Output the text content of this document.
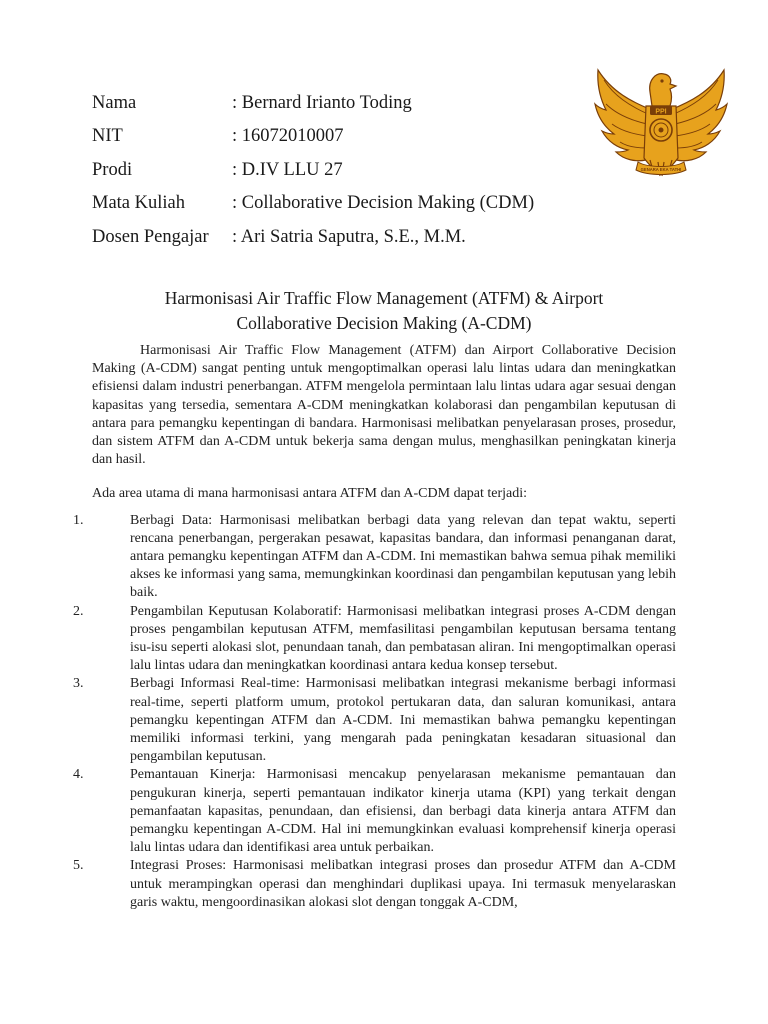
Nama	: Bernard Irianto Toding
NIT	: 16072010007
Prodi	: D.IV LLU 27
Mata Kuliah	: Collaborative Decision Making (CDM)
Dosen Pengajar	: Ari Satria Saputra, S.E., M.M.
PPI
GENARA EKA TATHI
Harmonisasi Air Traffic Flow Management (ATFM) & Airport
Collaborative Decision Making (A-CDM)

Harmonisasi Air Traffic Flow Management (ATFM) dan Airport Collaborative Decision Making (A-CDM) sangat penting untuk mengoptimalkan operasi lalu lintas udara dan meningkatkan efisiensi dalam industri penerbangan. ATFM mengelola permintaan lalu lintas udara agar sesuai dengan kapasitas yang tersedia, sementara A-CDM meningkatkan kolaborasi dan pengambilan keputusan di antara para pemangku kepentingan di bandara. Harmonisasi melibatkan penyelarasan proses, prosedur, dan sistem ATFM dan A-CDM untuk bekerja sama dengan mulus, menghasilkan peningkatan kinerja dan hasil.

Ada area utama di mana harmonisasi antara ATFM dan A-CDM dapat terjadi:

1.	Berbagi Data: Harmonisasi melibatkan berbagi data yang relevan dan tepat waktu, seperti rencana penerbangan, pergerakan pesawat, kapasitas bandara, dan informasi penanganan darat, antara pemangku kepentingan ATFM dan A-CDM. Ini memastikan bahwa semua pihak memiliki akses ke informasi yang sama, memungkinkan koordinasi dan pengambilan keputusan yang lebih baik.
2.	Pengambilan Keputusan Kolaboratif: Harmonisasi melibatkan integrasi proses A-CDM dengan proses pengambilan keputusan ATFM, memfasilitasi pengambilan keputusan bersama tentang isu-isu seperti alokasi slot, penundaan tanah, dan pembatasan aliran. Ini mengoptimalkan operasi lalu lintas udara dan meningkatkan koordinasi antara kedua konsep tersebut.
3.	Berbagi Informasi Real-time: Harmonisasi melibatkan integrasi mekanisme berbagi informasi real-time, seperti platform umum, protokol pertukaran data, dan saluran komunikasi, antara pemangku kepentingan ATFM dan A-CDM. Ini memastikan bahwa pemangku kepentingan memiliki informasi terkini, yang mengarah pada peningkatan kesadaran situasional dan pengambilan keputusan.
4.	Pemantauan Kinerja: Harmonisasi mencakup penyelarasan mekanisme pemantauan dan pengukuran kinerja, seperti pemantauan indikator kinerja utama (KPI) yang terkait dengan pemanfaatan kapasitas, penundaan, dan efisiensi, dan berbagi data kinerja antara ATFM dan pemangku kepentingan A-CDM. Hal ini memungkinkan evaluasi komprehensif kinerja operasi lalu lintas udara dan identifikasi area untuk perbaikan.
5.	Integrasi Proses: Harmonisasi melibatkan integrasi proses dan prosedur ATFM dan A-CDM untuk merampingkan operasi dan menghindari duplikasi upaya. Ini termasuk menyelaraskan garis waktu, mengoordinasikan alokasi slot dengan tonggak A-CDM,
